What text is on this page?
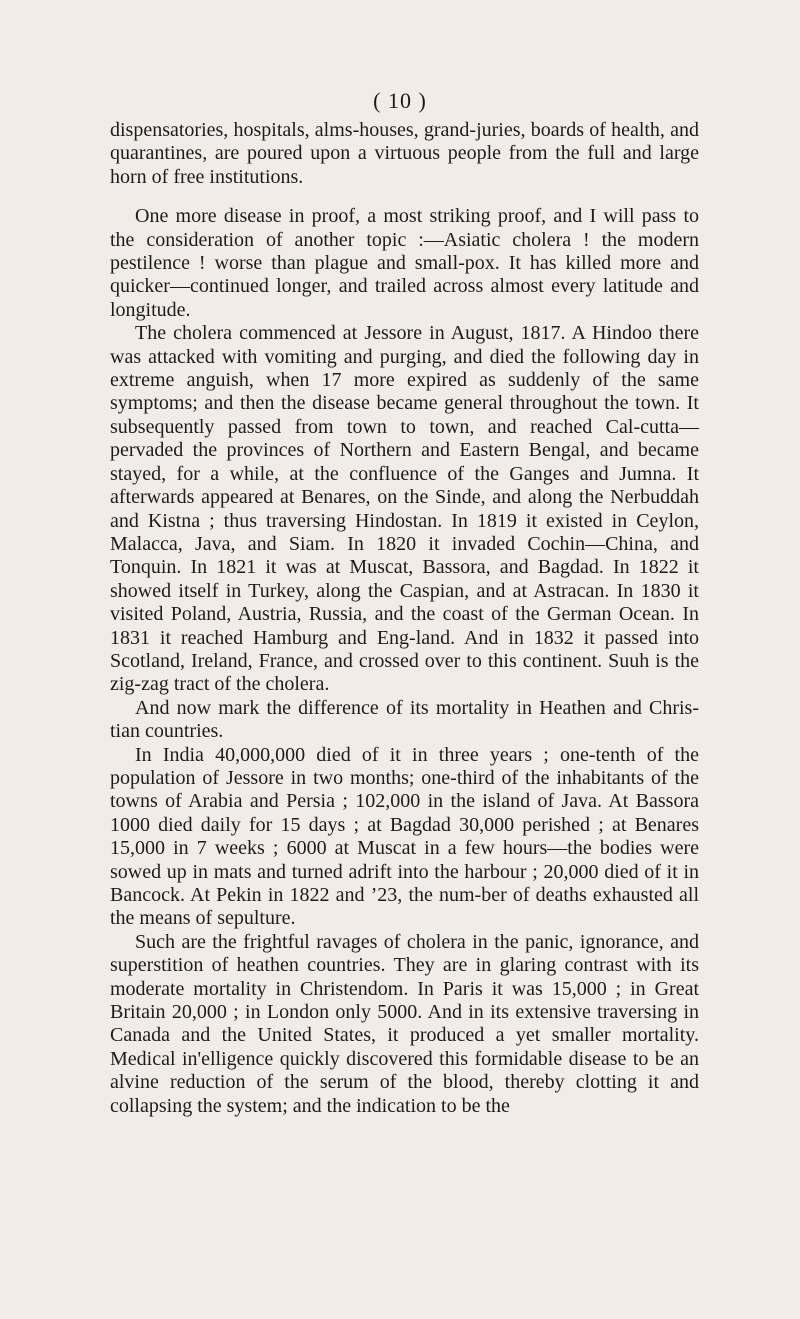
( 10 )

dispensatories, hospitals, alms-houses, grand-juries, boards of health, and quarantines, are poured upon a virtuous people from the full and large horn of free institutions.

One more disease in proof, a most striking proof, and I will pass to the consideration of another topic :—Asiatic cholera ! the modern pestilence ! worse than plague and small-pox. It has killed more and quicker—continued longer, and trailed across almost every latitude and longitude.

The cholera commenced at Jessore in August, 1817. A Hindoo there was attacked with vomiting and purging, and died the following day in extreme anguish, when 17 more expired as suddenly of the same symptoms; and then the disease became general throughout the town. It subsequently passed from town to town, and reached Cal-cutta—pervaded the provinces of Northern and Eastern Bengal, and became stayed, for a while, at the confluence of the Ganges and Jumna. It afterwards appeared at Benares, on the Sinde, and along the Nerbuddah and Kistna ; thus traversing Hindostan. In 1819 it existed in Ceylon, Malacca, Java, and Siam. In 1820 it invaded Cochin—China, and Tonquin. In 1821 it was at Muscat, Bassora, and Bagdad. In 1822 it showed itself in Turkey, along the Caspian, and at Astracan. In 1830 it visited Poland, Austria, Russia, and the coast of the German Ocean. In 1831 it reached Hamburg and Eng-land. And in 1832 it passed into Scotland, Ireland, France, and crossed over to this continent. Suuh is the zig-zag tract of the cholera.

And now mark the difference of its mortality in Heathen and Chris-tian countries.

In India 40,000,000 died of it in three years ; one-tenth of the population of Jessore in two months; one-third of the inhabitants of the towns of Arabia and Persia ; 102,000 in the island of Java. At Bassora 1000 died daily for 15 days ; at Bagdad 30,000 perished ; at Benares 15,000 in 7 weeks ; 6000 at Muscat in a few hours—the bodies were sowed up in mats and turned adrift into the harbour ; 20,000 died of it in Bancock. At Pekin in 1822 and ’23, the num-ber of deaths exhausted all the means of sepulture.

Such are the frightful ravages of cholera in the panic, ignorance, and superstition of heathen countries. They are in glaring contrast with its moderate mortality in Christendom. In Paris it was 15,000 ; in Great Britain 20,000 ; in London only 5000. And in its extensive traversing in Canada and the United States, it produced a yet smaller mortality. Medical in'elligence quickly discovered this formidable disease to be an alvine reduction of the serum of the blood, thereby clotting it and collapsing the system; and the indication to be the
